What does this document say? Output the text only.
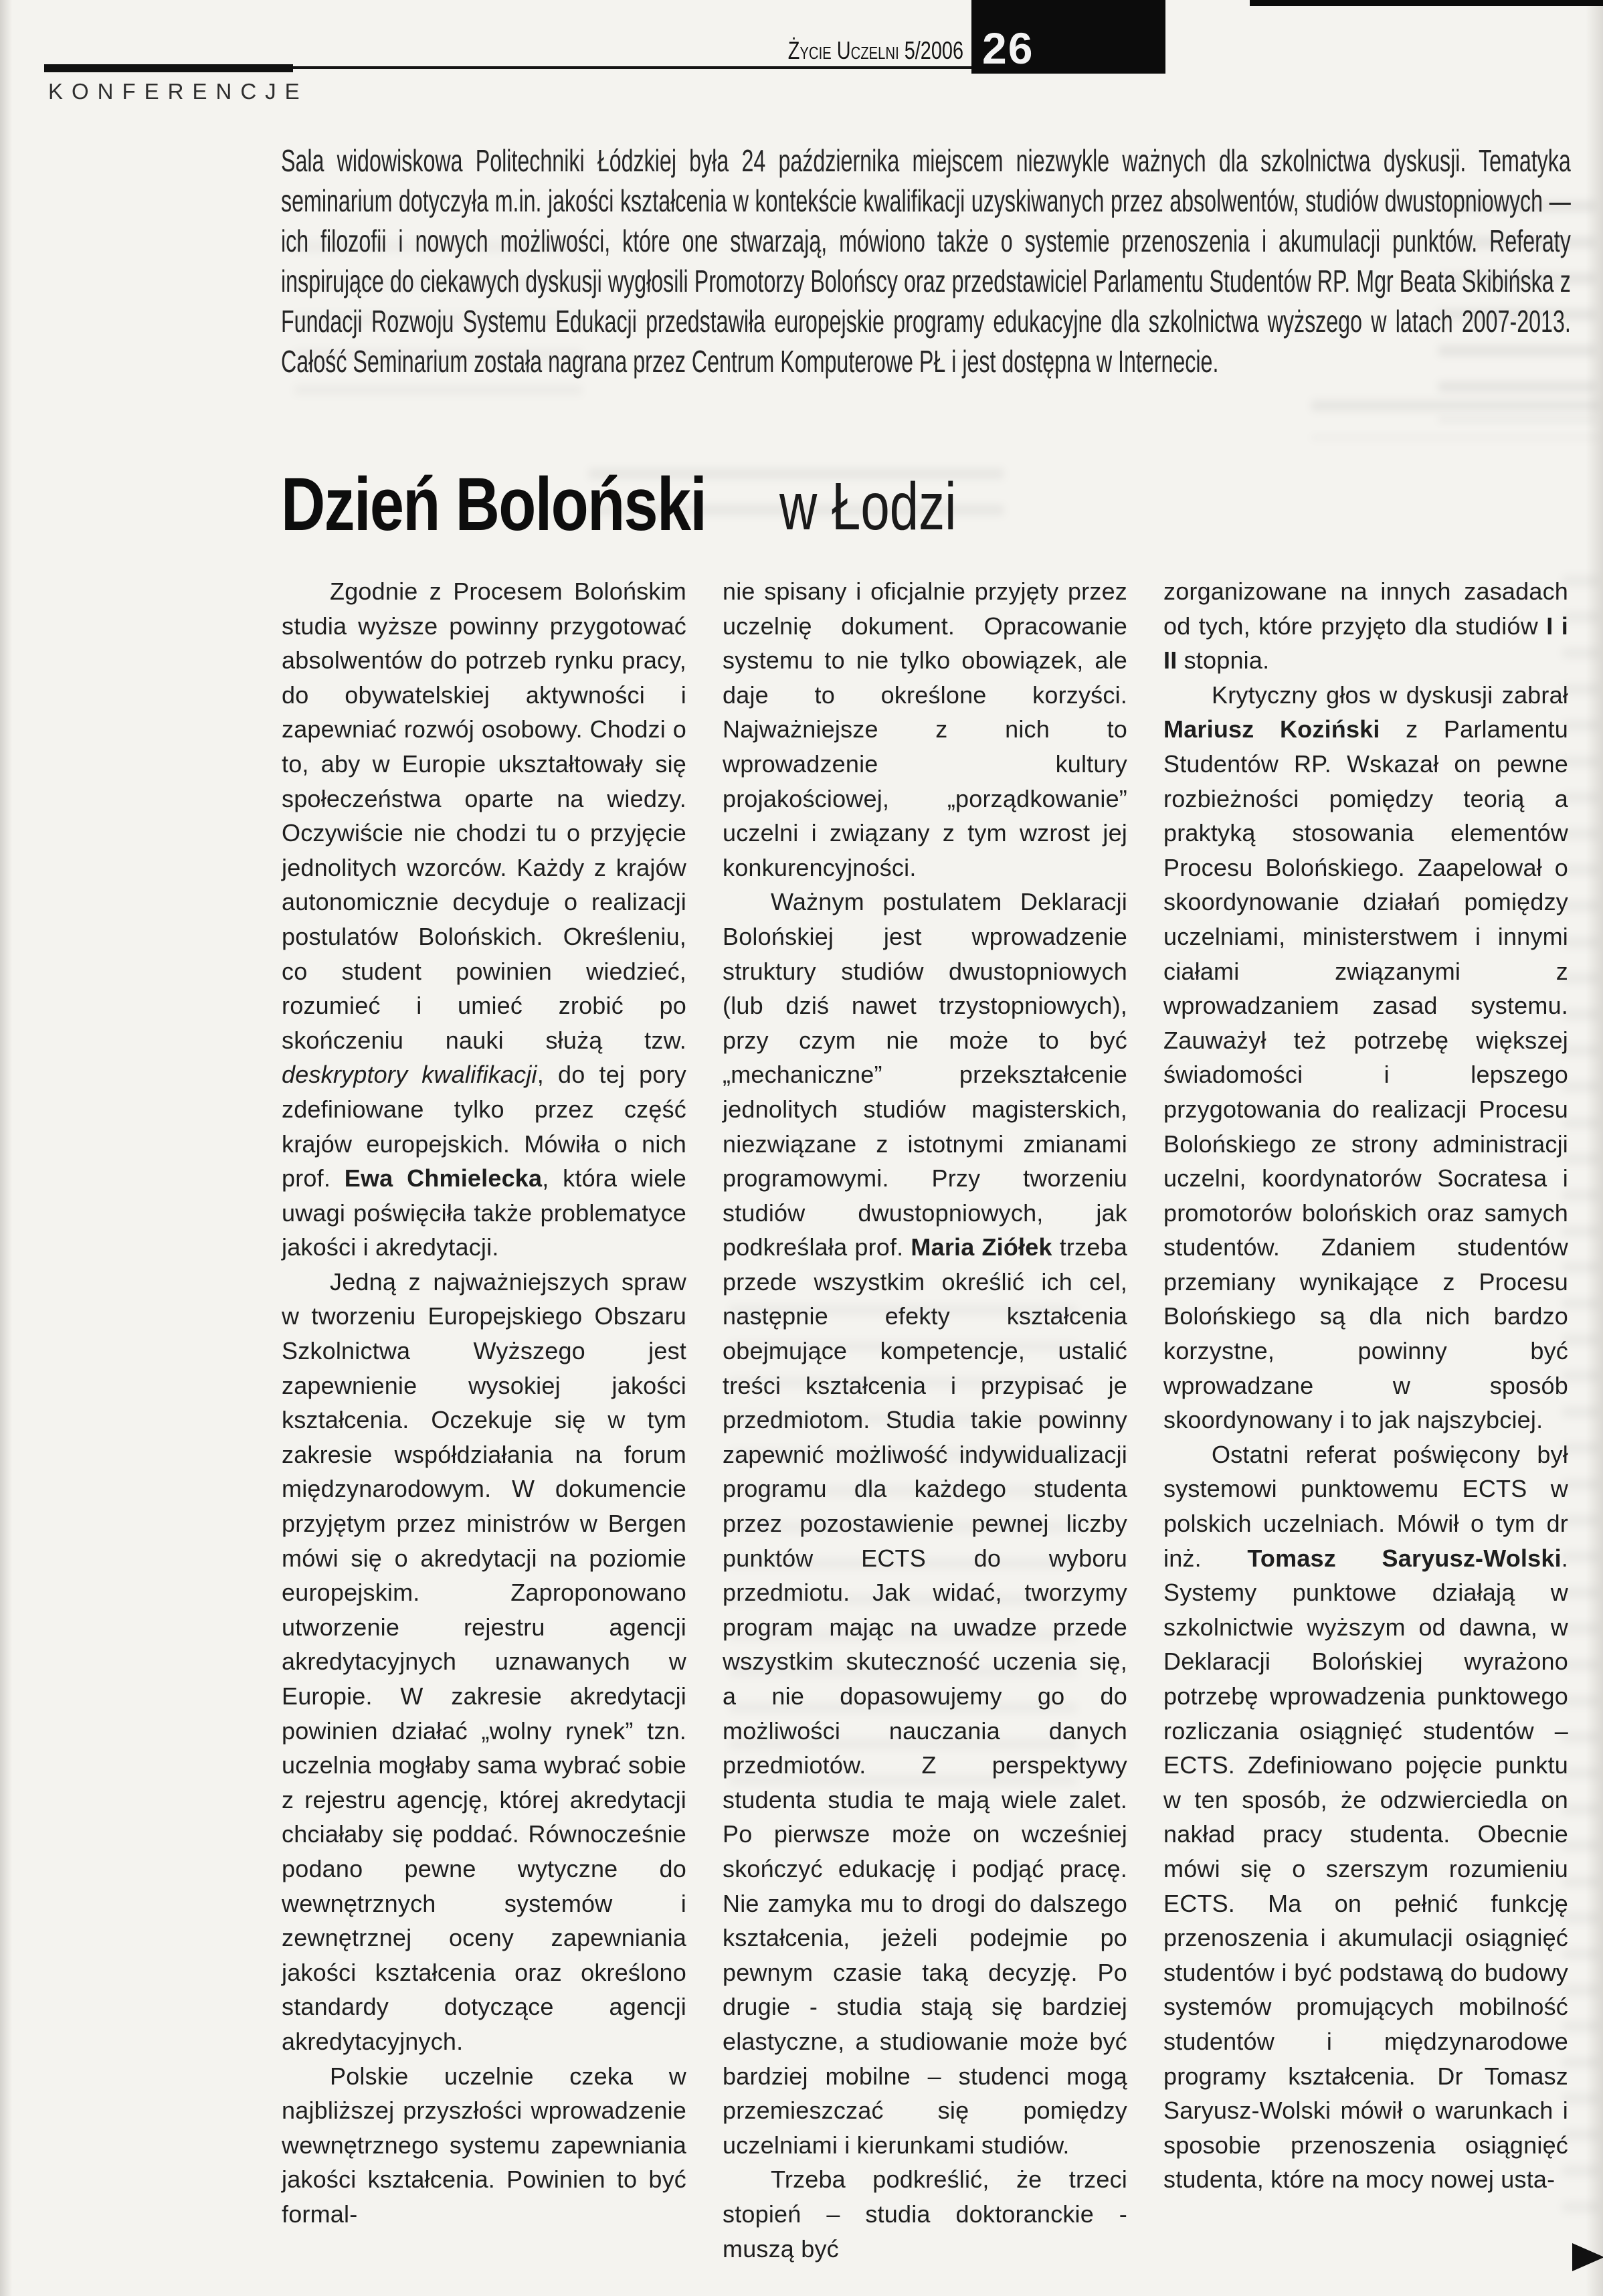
KONFERENCJE
Życie Uczelni 5/2006 26
Sala widowiskowa Politechniki Łódzkiej była 24 października miejscem niezwykle ważnych dla szkolnictwa dyskusji. Tematyka seminarium dotyczyła m.in. jakości kształcenia w kontekście kwalifikacji uzyskiwanych przez absolwentów, studiów dwustopniowych — ich filozofii i nowych możliwości, które one stwarzają, mówiono także o systemie przenoszenia i akumulacji punktów. Referaty inspirujące do ciekawych dyskusji wygłosili Promotorzy Bolońscy oraz przedstawiciel Parlamentu Studentów RP. Mgr Beata Skibińska z Fundacji Rozwoju Systemu Edukacji przedstawiła europejskie programy edukacyjne dla szkolnictwa wyższego w latach 2007-2013. Całość Seminarium została nagrana przez Centrum Komputerowe PŁ i jest dostępna w Internecie.
Dzień Boloński w Łodzi

Zgodnie z Procesem Bolońskim studia wyższe powinny przygotować absolwentów do potrzeb rynku pracy, do obywatelskiej aktywności i zapewniać rozwój osobowy. Chodzi o to, aby w Europie ukształtowały się społeczeństwa oparte na wiedzy. Oczywiście nie chodzi tu o przyjęcie jednolitych wzorców. Każdy z krajów autonomicznie decyduje o realizacji postulatów Bolońskich. Określeniu, co student powinien wiedzieć, rozumieć i umieć zrobić po skończeniu nauki służą tzw. deskryptory kwalifikacji, do tej pory zdefiniowane tylko przez część krajów europejskich. Mówiła o nich prof. Ewa Chmielecka, która wiele uwagi poświęciła także problematyce jakości i akredytacji.

Jedną z najważniejszych spraw w tworzeniu Europejskiego Obszaru Szkolnictwa Wyższego jest zapewnienie wysokiej jakości kształcenia. Oczekuje się w tym zakresie współdziałania na forum międzynarodowym. W dokumencie przyjętym przez ministrów w Bergen mówi się o akredytacji na poziomie europejskim. Zaproponowano utworzenie rejestru agencji akredytacyjnych uznawanych w Europie. W zakresie akredytacji powinien działać „wolny rynek” tzn. uczelnia mogłaby sama wybrać sobie z rejestru agencję, której akredytacji chciałaby się poddać. Równocześnie podano pewne wytyczne do wewnętrznych systemów i zewnętrznej oceny zapewniania jakości kształcenia oraz określono standardy dotyczące agencji akredytacyjnych.

Polskie uczelnie czeka w najbliższej przyszłości wprowadzenie wewnętrznego systemu zapewniania jakości kształcenia. Powinien to być formal-

nie spisany i oficjalnie przyjęty przez uczelnię dokument. Opracowanie systemu to nie tylko obowiązek, ale daje to określone korzyści. Najważniejsze z nich to wprowadzenie kultury projakościowej, „porządkowanie” uczelni i związany z tym wzrost jej konkurencyjności.

Ważnym postulatem Deklaracji Bolońskiej jest wprowadzenie struktury studiów dwustopniowych (lub dziś nawet trzystopniowych), przy czym nie może to być „mechaniczne” przekształcenie jednolitych studiów magisterskich, niezwiązane z istotnymi zmianami programowymi. Przy tworzeniu studiów dwustopniowych, jak podkreślała prof. Maria Ziółek trzeba przede wszystkim określić ich cel, następnie efekty kształcenia obejmujące kompetencje, ustalić treści kształcenia i przypisać je przedmiotom. Studia takie powinny zapewnić możliwość indywidualizacji programu dla każdego studenta przez pozostawienie pewnej liczby punktów ECTS do wyboru przedmiotu. Jak widać, tworzymy program mając na uwadze przede wszystkim skuteczność uczenia się, a nie dopasowujemy go do możliwości nauczania danych przedmiotów. Z perspektywy studenta studia te mają wiele zalet. Po pierwsze może on wcześniej skończyć edukację i podjąć pracę. Nie zamyka mu to drogi do dalszego kształcenia, jeżeli podejmie po pewnym czasie taką decyzję. Po drugie - studia stają się bardziej elastyczne, a studiowanie może być bardziej mobilne – studenci mogą przemieszczać się pomiędzy uczelniami i kierunkami studiów.

Trzeba podkreślić, że trzeci stopień – studia doktoranckie - muszą być

zorganizowane na innych zasadach od tych, które przyjęto dla studiów I i II stopnia.

Krytyczny głos w dyskusji zabrał Mariusz Koziński z Parlamentu Studentów RP. Wskazał on pewne rozbieżności pomiędzy teorią a praktyką stosowania elementów Procesu Bolońskiego. Zaapelował o skoordynowanie działań pomiędzy uczelniami, ministerstwem i innymi ciałami związanymi z wprowadzaniem zasad systemu. Zauważył też potrzebę większej świadomości i lepszego przygotowania do realizacji Procesu Bolońskiego ze strony administracji uczelni, koordynatorów Socratesa i promotorów bolońskich oraz samych studentów. Zdaniem studentów przemiany wynikające z Procesu Bolońskiego są dla nich bardzo korzystne, powinny być wprowadzane w sposób skoordynowany i to jak najszybciej.

Ostatni referat poświęcony był systemowi punktowemu ECTS w polskich uczelniach. Mówił o tym dr inż. Tomasz Saryusz-Wolski. Systemy punktowe działają w szkolnictwie wyższym od dawna, w Deklaracji Bolońskiej wyrażono potrzebę wprowadzenia punktowego rozliczania osiągnięć studentów – ECTS. Zdefiniowano pojęcie punktu w ten sposób, że odzwierciedla on nakład pracy studenta. Obecnie mówi się o szerszym rozumieniu ECTS. Ma on pełnić funkcję przenoszenia i akumulacji osiągnięć studentów i być podstawą do budowy systemów promujących mobilność studentów i międzynarodowe programy kształcenia. Dr Tomasz Saryusz-Wolski mówił o warunkach i sposobie przenoszenia osiągnięć studenta, które na mocy nowej usta-
